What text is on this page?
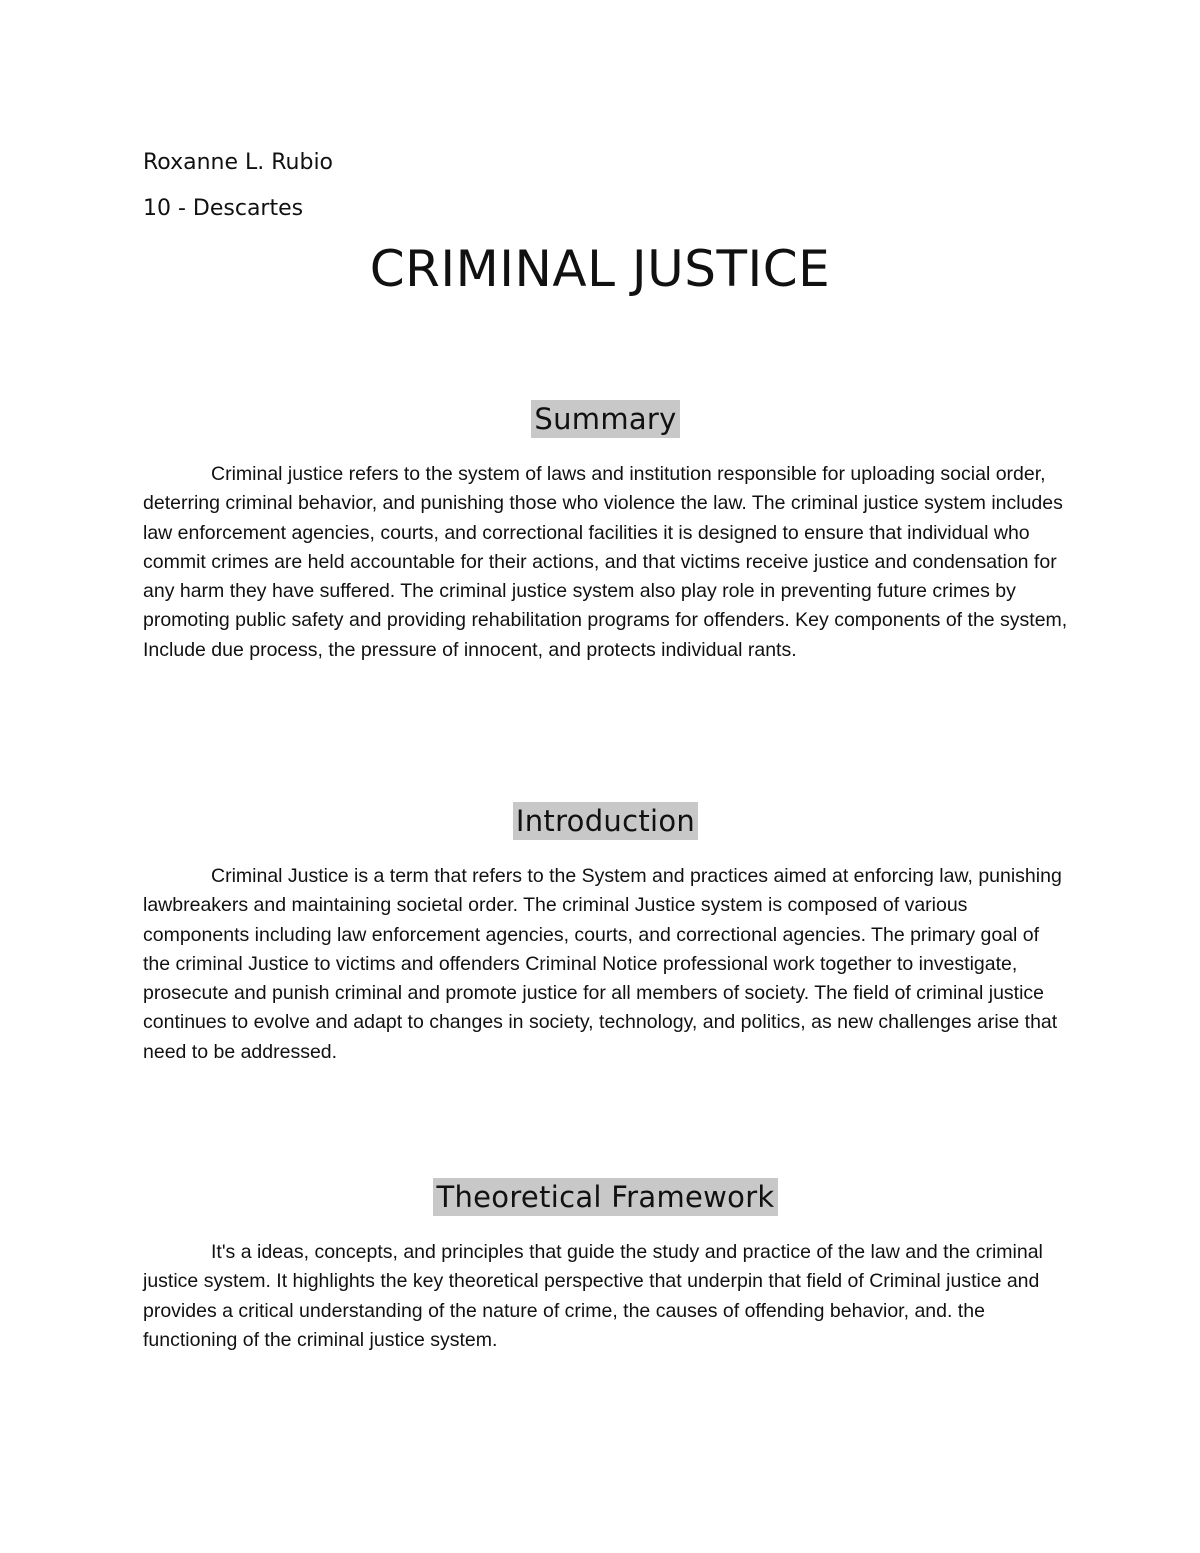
Roxanne L. Rubio
10 - Descartes
CRIMINAL JUSTICE
Summary

Criminal justice refers to the system of laws and institution responsible for uploading social order, deterring criminal behavior, and punishing those who violence the law. The criminal justice system includes law enforcement agencies, courts, and correctional facilities it is designed to ensure that individual who commit crimes are held accountable for their actions, and that victims receive justice and condensation for any harm they have suffered. The criminal justice system also play role in preventing future crimes by promoting public safety and providing rehabilitation programs for offenders. Key components of the system, Include due process, the pressure of innocent, and protects individual rants.

Introduction

Criminal Justice is a term that refers to the System and practices aimed at enforcing law, punishing lawbreakers and maintaining societal order. The criminal Justice system is composed of various components including law enforcement agencies, courts, and correctional agencies. The primary goal of the criminal Justice to victims and offenders Criminal Notice professional work together to investigate, prosecute and punish criminal and promote justice for all members of society. The field of criminal justice continues to evolve and adapt to changes in society, technology, and politics, as new challenges arise that need to be addressed.

Theoretical Framework

It's a ideas, concepts, and principles that guide the study and practice of the law and the criminal justice system. It highlights the key theoretical perspective that underpin that field of Criminal justice and provides a critical understanding of the nature of crime, the causes of offending behavior, and. the functioning of the criminal justice system.
